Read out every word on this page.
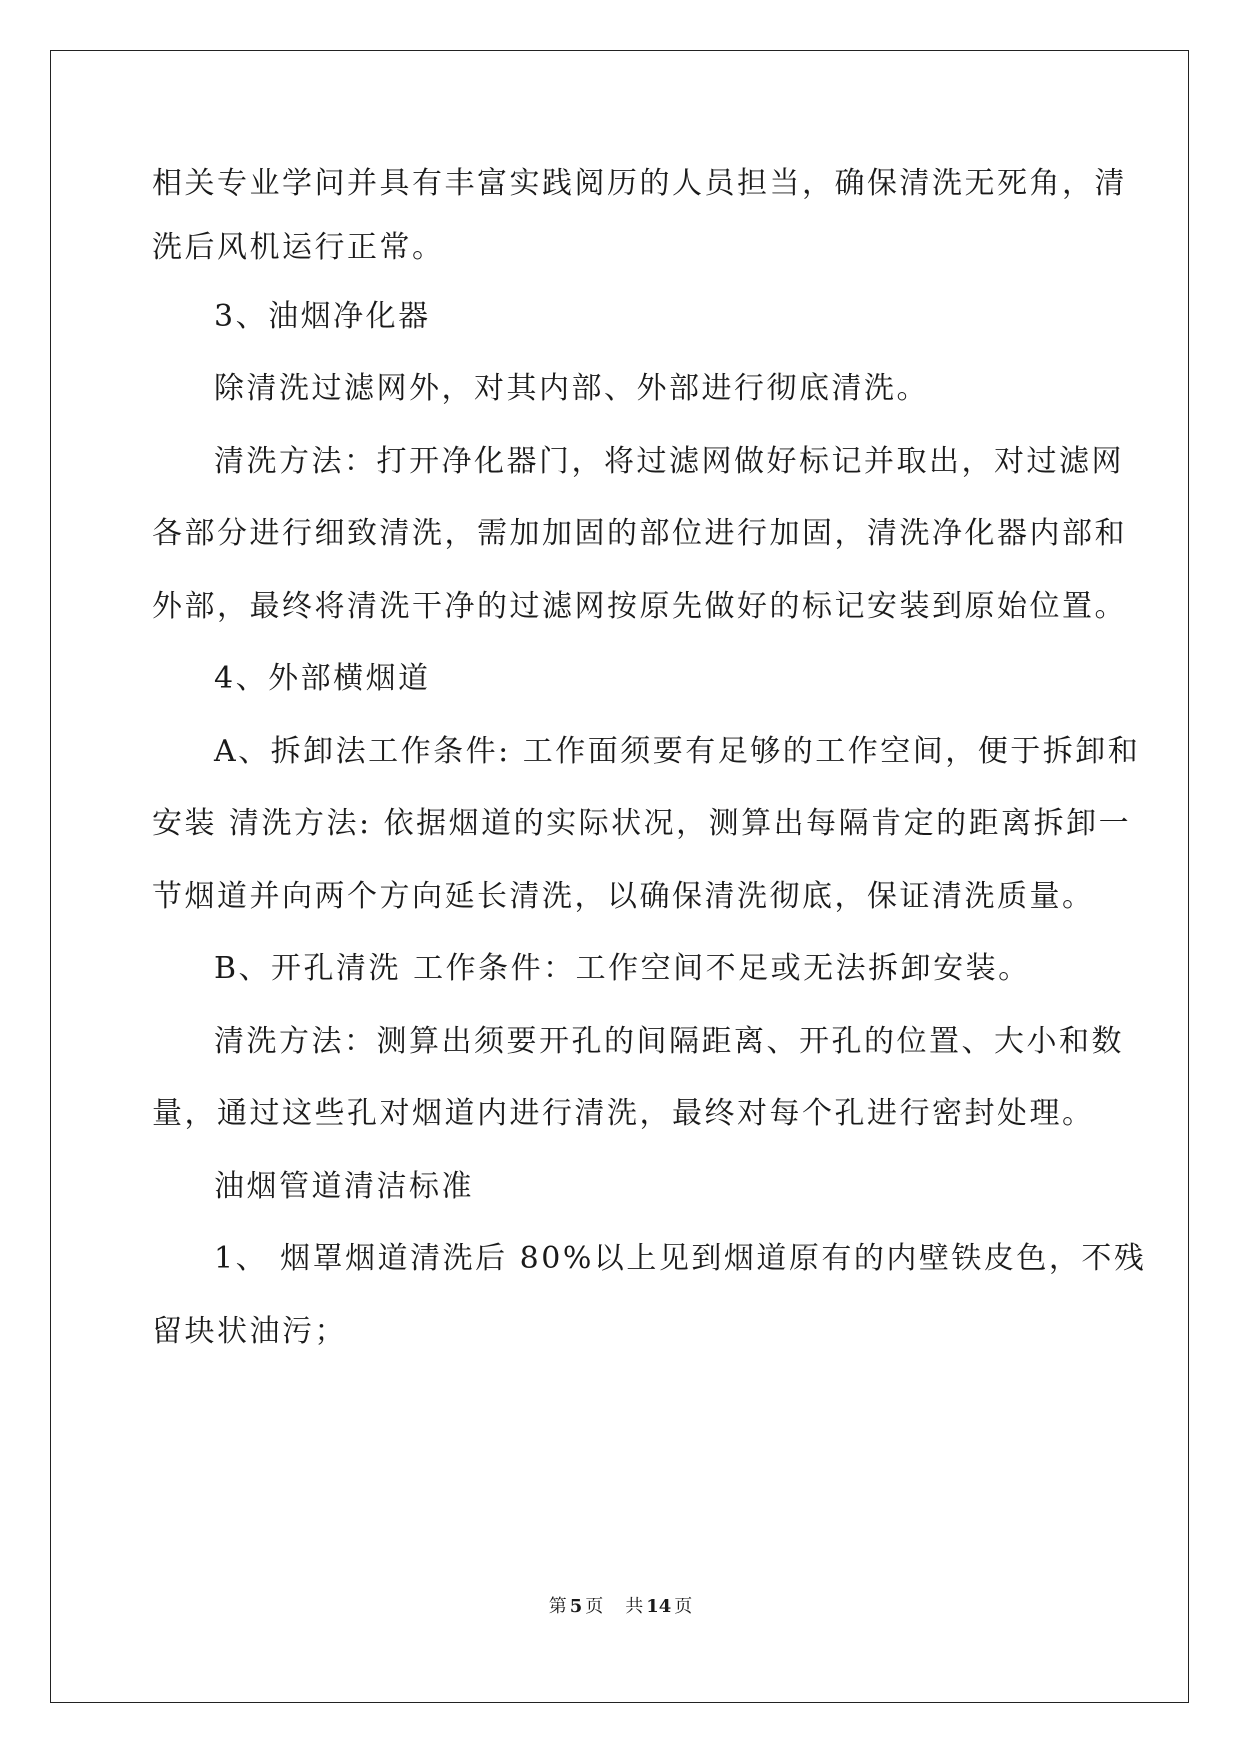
相关专业学问并具有丰富实践阅历的人员担当，确保清洗无死角，清
洗后风机运行正常。
3、油烟净化器
除清洗过滤网外，对其内部、外部进行彻底清洗。
清洗方法：打开净化器门，将过滤网做好标记并取出，对过滤网
各部分进行细致清洗，需加加固的部位进行加固，清洗净化器内部和
外部，最终将清洗干净的过滤网按原先做好的标记安装到原始位置。
4、外部横烟道
A、拆卸法工作条件: 工作面须要有足够的工作空间，便于拆卸和
安装 清洗方法: 依据烟道的实际状况，测算出每隔肯定的距离拆卸一
节烟道并向两个方向延长清洗，以确保清洗彻底，保证清洗质量。
B、开孔清洗 工作条件：工作空间不足或无法拆卸安装。
清洗方法：测算出须要开孔的间隔距离、开孔的位置、大小和数
量，通过这些孔对烟道内进行清洗，最终对每个孔进行密封处理。
油烟管道清洁标准
1、 烟罩烟道清洗后 80%以上见到烟道原有的内壁铁皮色，不残
留块状油污；
第 5 页 共 14 页
